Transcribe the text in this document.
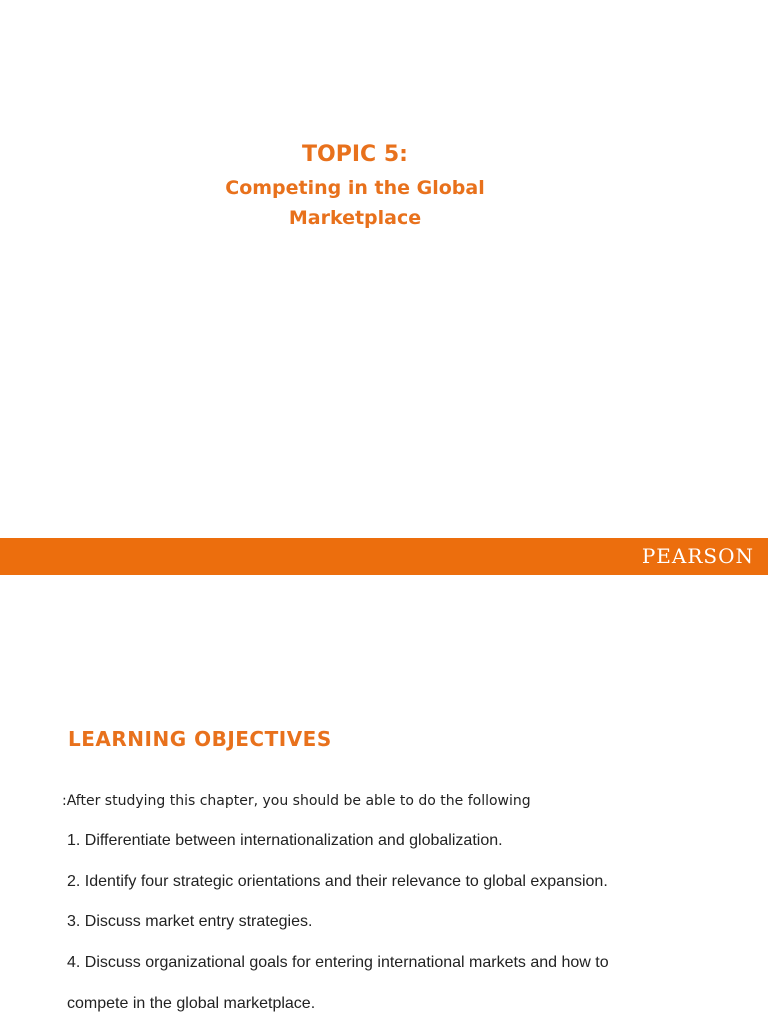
TOPIC 5:
Competing in the Global
Marketplace
PEARSON
LEARNING OBJECTIVES
:After studying this chapter, you should be able to do the following
1. Differentiate between internationalization and globalization.
2. Identify four strategic orientations and their relevance to global expansion.
3. Discuss market entry strategies.
4. Discuss organizational goals for entering international markets and how to
compete in the global marketplace.
